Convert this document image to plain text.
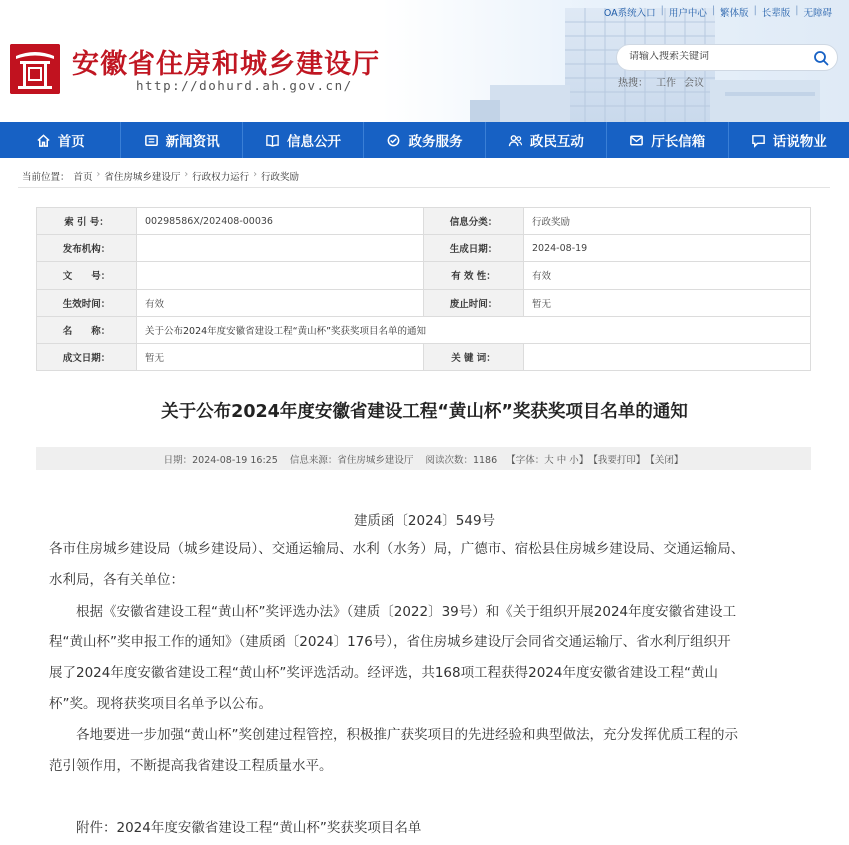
OA系统入口 | 用户中心 | 繁体版 | 长辈版 | 无障碍
安徽省住房和城乡建设厅
http://dohurd.ah.gov.cn/
请输入搜索关键词	热搜： 工作 会议
首页	新闻资讯	信息公开	政务服务	政民互动	厅长信箱	话说物业
当前位置： 首页 › 省住房城乡建设厅 › 行政权力运行 › 行政奖励
索 引 号：	00298586X/202408-00036	信息分类：	行政奖励
发布机构：		生成日期：	2024-08-19
文　　号：		有 效 性：	有效
生效时间：	有效	废止时间：	暂无
名　　称：	关于公布2024年度安徽省建设工程“黄山杯”奖获奖项目名单的通知		
成文日期：	暂无	关 键 词：	
关于公布2024年度安徽省建设工程“黄山杯”奖获奖项目名单的通知
日期：2024-08-19 16:25
信息来源：省住房城乡建设厅
阅读次数：1186
【字体： 大
中
小 】 【我要打印】 【关闭】
建质函〔2024〕549号
各市住房城乡建设局（城乡建设局）、交通运输局、水利（水务）局，广德市、宿松县住房城乡建设局、交通运输局、
水利局，各有关单位：
　　根据《安徽省建设工程“黄山杯”奖评选办法》（建质〔2022〕39号）和《关于组织开展2024年度安徽省建设工
程“黄山杯”奖申报工作的通知》（建质函〔2024〕176号），省住房城乡建设厅会同省交通运输厅、省水利厅组织开
展了2024年度安徽省建设工程“黄山杯”奖评选活动。经评选，共168项工程获得2024年度安徽省建设工程“黄山
杯”奖。现将获奖项目名单予以公布。
　　各地要进一步加强“黄山杯”奖创建过程管控，积极推广获奖项目的先进经验和典型做法，充分发挥优质工程的示
范引领作用，不断提高我省建设工程质量水平。
　　附件：2024年度安徽省建设工程“黄山杯”奖获奖项目名单
